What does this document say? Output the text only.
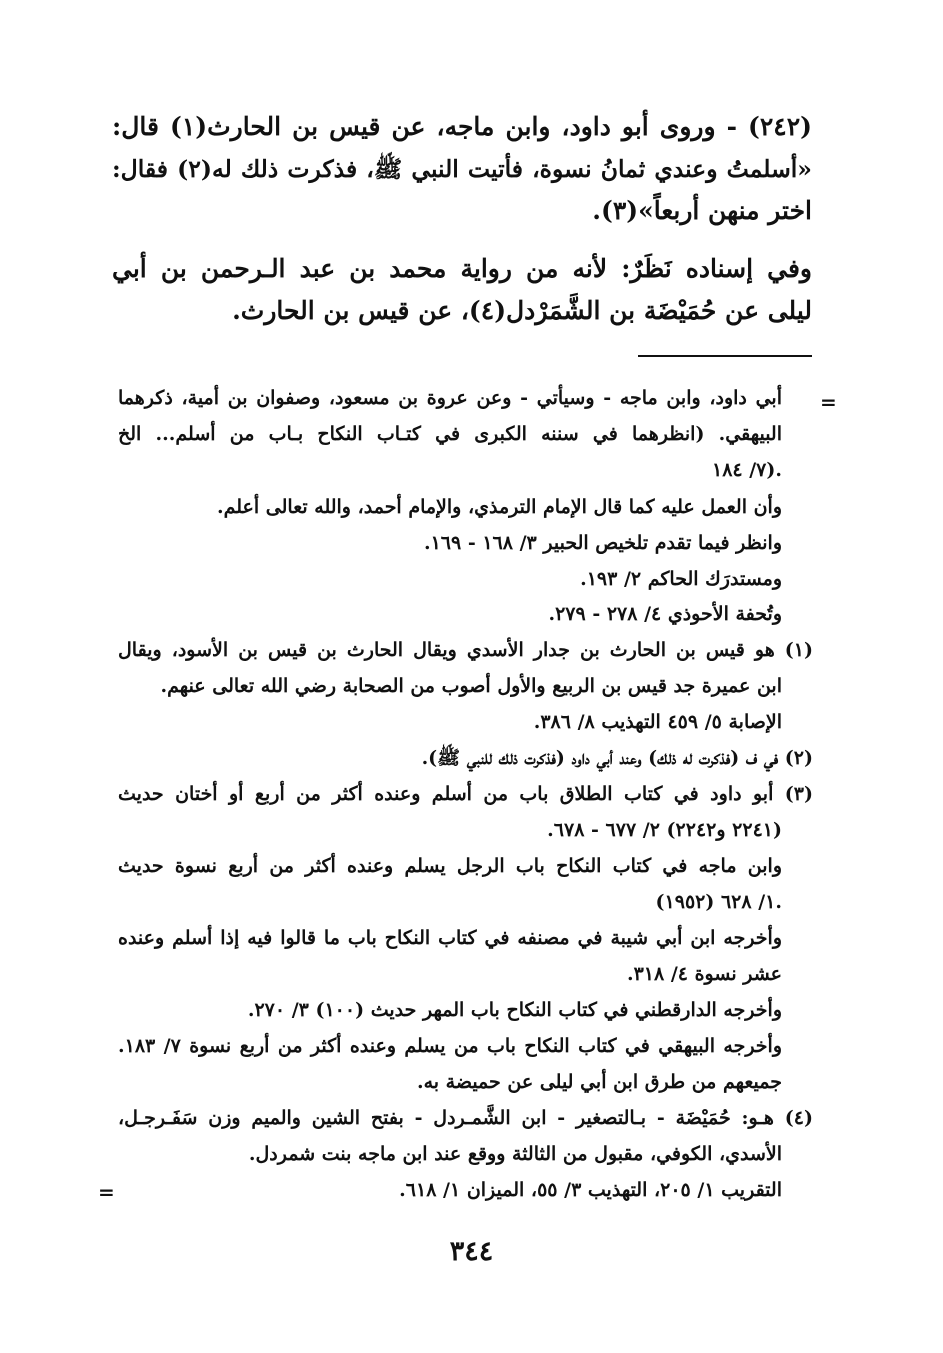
(٢٤٢) - وروى أبو داود، وابن ماجه، عن قيس بن الحارث(١) قال:
«أسلمتُ وعندي ثمانُ نسوة، فأتيت النبي ﷺ، فذكرت ذلك له(٢) فقال:
اختر منهن أربعاً»(٣).
وفي إسناده نَظَرٌ: لأنه من رواية محمد بن عبد الـرحمن بن أبي
ليلى عن حُمَيْضَة بن الشَّمَرْدل(٤)، عن قيس بن الحارث.
=
أبي داود، وابن ماجه - وسيأتي - وعن عروة بن مسعود، وصفوان بن أمية، ذكرهما
البيهقي. (انظرهما في سننه الكبرى في كتـاب النكاح بـاب من أسلم... الخ
٧/ ١٨٤).
وأن العمل عليه كما قال الإمام الترمذي، والإمام أحمد، والله تعالى أعلم.
وانظر فيما تقدم تلخيص الحبير ٣/ ١٦٨ - ١٦٩.
ومستدرَك الحاكم ٢/ ١٩٣.
وتُحفة الأحوذي ٤/ ٢٧٨ - ٢٧٩.
(١) هو قيس بن الحارث بن جدار الأسدي ويقال الحارث بن قيس بن الأسود، ويقال
ابن عميرة جد قيس بن الربيع والأول أصوب من الصحابة رضي الله تعالى عنهم.
الإصابة ٥/ ٤٥٩ التهذيب ٨/ ٣٨٦.
(٢) في ف (فذكرت له ذلك) وعند أبي داود (فذكرت ذلك للنبي ﷺ).
(٣) أبو داود في كتاب الطلاق باب من أسلم وعنده أكثر من أربع أو أختان حديث
(٢٢٤١ و٢٢٤٢) ٢/ ٦٧٧ - ٦٧٨.
وابن ماجه في كتاب النكاح باب الرجل يسلم وعنده أكثر من أربع نسوة حديث
(١٩٥٢) ١/ ٦٢٨.
وأخرجه ابن أبي شيبة في مصنفه في كتاب النكاح باب ما قالوا فيه إذا أسلم وعنده
عشر نسوة ٤/ ٣١٨.
وأخرجه الدارقطني في كتاب النكاح باب المهر حديث (١٠٠) ٣/ ٢٧٠.
وأخرجه البيهقي في كتاب النكاح باب من يسلم وعنده أكثر من أربع نسوة ٧/ ١٨٣.
جميعهم من طرق ابن أبي ليلى عن حميضة به.
(٤) هـو: حُمَيْضَة - بـالتصغير - ابن الشَّمـردل - بفتح الشين والميم وزن سَفَـرجـل،
الأسدي، الكوفي، مقبول من الثالثة ووقع عند ابن ماجه بنت شمردل.
التقريب ١/ ٢٠٥، التهذيب ٣/ ٥٥، الميزان ١/ ٦١٨.
=
٣٤٤
